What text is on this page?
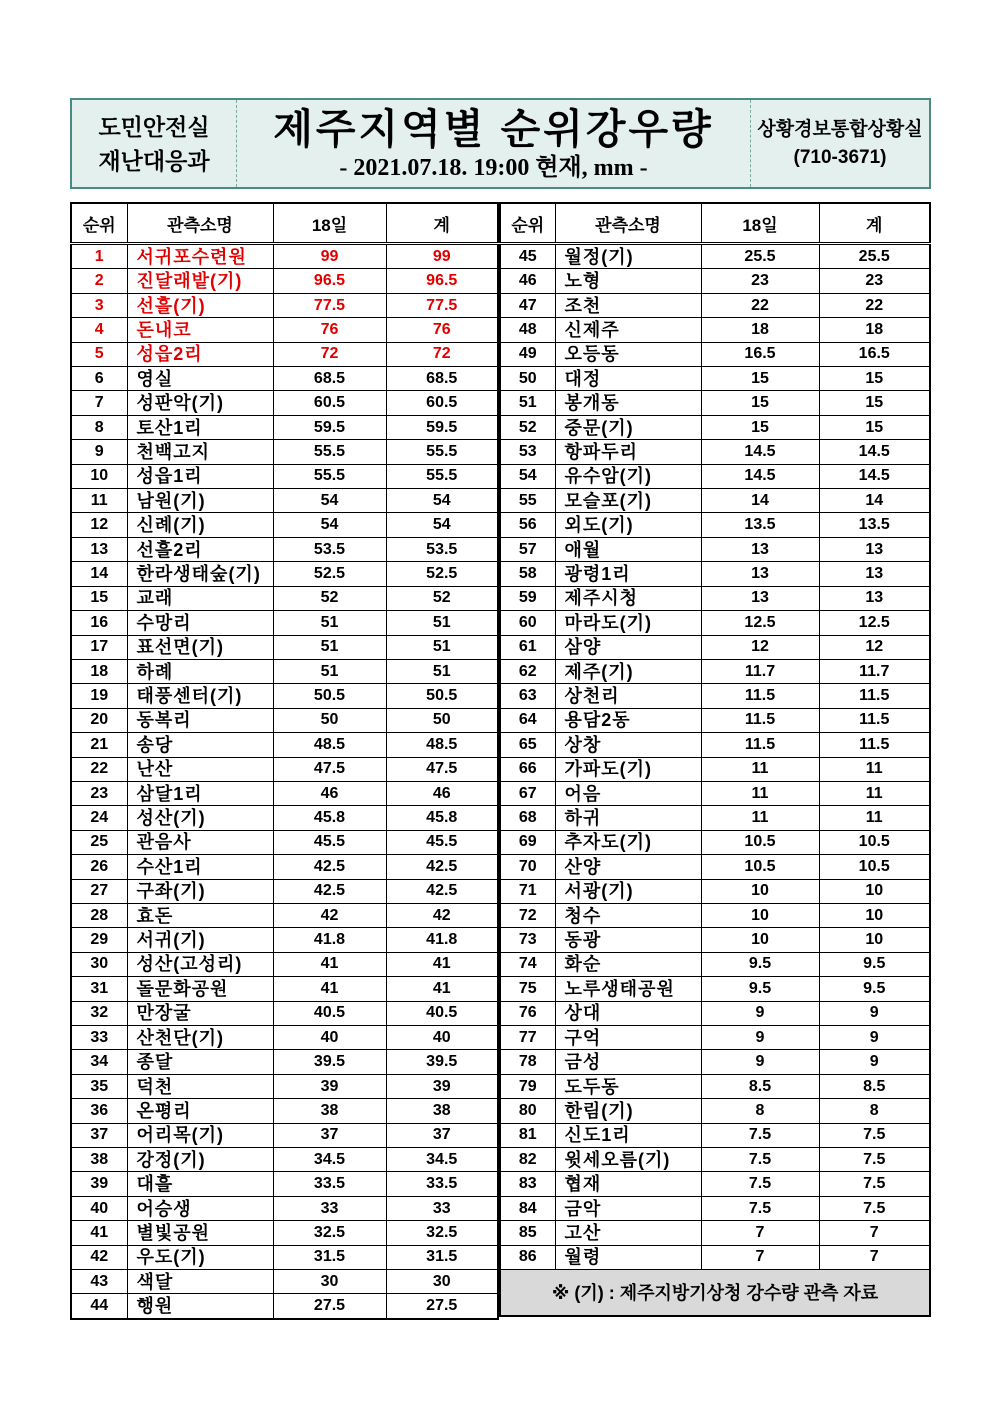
도민안전실
재난대응과
제주지역별 순위강우량
- 2021.07.18. 19:00 현재, mm -
상황경보통합상황실
(710-3671)
순위	관측소명	18일	계
1	서귀포수련원	99	99
2	진달래밭(기)	96.5	96.5
3	선흘(기)	77.5	77.5
4	돈내코	76	76
5	성읍2리	72	72
6	영실	68.5	68.5
7	성판악(기)	60.5	60.5
8	토산1리	59.5	59.5
9	천백고지	55.5	55.5
10	성읍1리	55.5	55.5
11	남원(기)	54	54
12	신례(기)	54	54
13	선흘2리	53.5	53.5
14	한라생태숲(기)	52.5	52.5
15	교래	52	52
16	수망리	51	51
17	표선면(기)	51	51
18	하례	51	51
19	태풍센터(기)	50.5	50.5
20	동복리	50	50
21	송당	48.5	48.5
22	난산	47.5	47.5
23	삼달1리	46	46
24	성산(기)	45.8	45.8
25	관음사	45.5	45.5
26	수산1리	42.5	42.5
27	구좌(기)	42.5	42.5
28	효돈	42	42
29	서귀(기)	41.8	41.8
30	성산(고성리)	41	41
31	돌문화공원	41	41
32	만장굴	40.5	40.5
33	산천단(기)	40	40
34	종달	39.5	39.5
35	덕천	39	39
36	온평리	38	38
37	어리목(기)	37	37
38	강정(기)	34.5	34.5
39	대흘	33.5	33.5
40	어승생	33	33
41	별빛공원	32.5	32.5
42	우도(기)	31.5	31.5
43	색달	30	30
44	행원	27.5	27.5
순위	관측소명	18일	계
45	월정(기)	25.5	25.5
46	노형	23	23
47	조천	22	22
48	신제주	18	18
49	오등동	16.5	16.5
50	대정	15	15
51	봉개동	15	15
52	중문(기)	15	15
53	항파두리	14.5	14.5
54	유수암(기)	14.5	14.5
55	모슬포(기)	14	14
56	외도(기)	13.5	13.5
57	애월	13	13
58	광령1리	13	13
59	제주시청	13	13
60	마라도(기)	12.5	12.5
61	삼양	12	12
62	제주(기)	11.7	11.7
63	상천리	11.5	11.5
64	용담2동	11.5	11.5
65	상창	11.5	11.5
66	가파도(기)	11	11
67	어음	11	11
68	하귀	11	11
69	추자도(기)	10.5	10.5
70	산양	10.5	10.5
71	서광(기)	10	10
72	청수	10	10
73	동광	10	10
74	화순	9.5	9.5
75	노루생태공원	9.5	9.5
76	상대	9	9
77	구억	9	9
78	금성	9	9
79	도두동	8.5	8.5
80	한림(기)	8	8
81	신도1리	7.5	7.5
82	윗세오름(기)	7.5	7.5
83	협재	7.5	7.5
84	금악	7.5	7.5
85	고산	7	7
86	월령	7	7
※ (기) : 제주지방기상청 강수량 관측 자료			
